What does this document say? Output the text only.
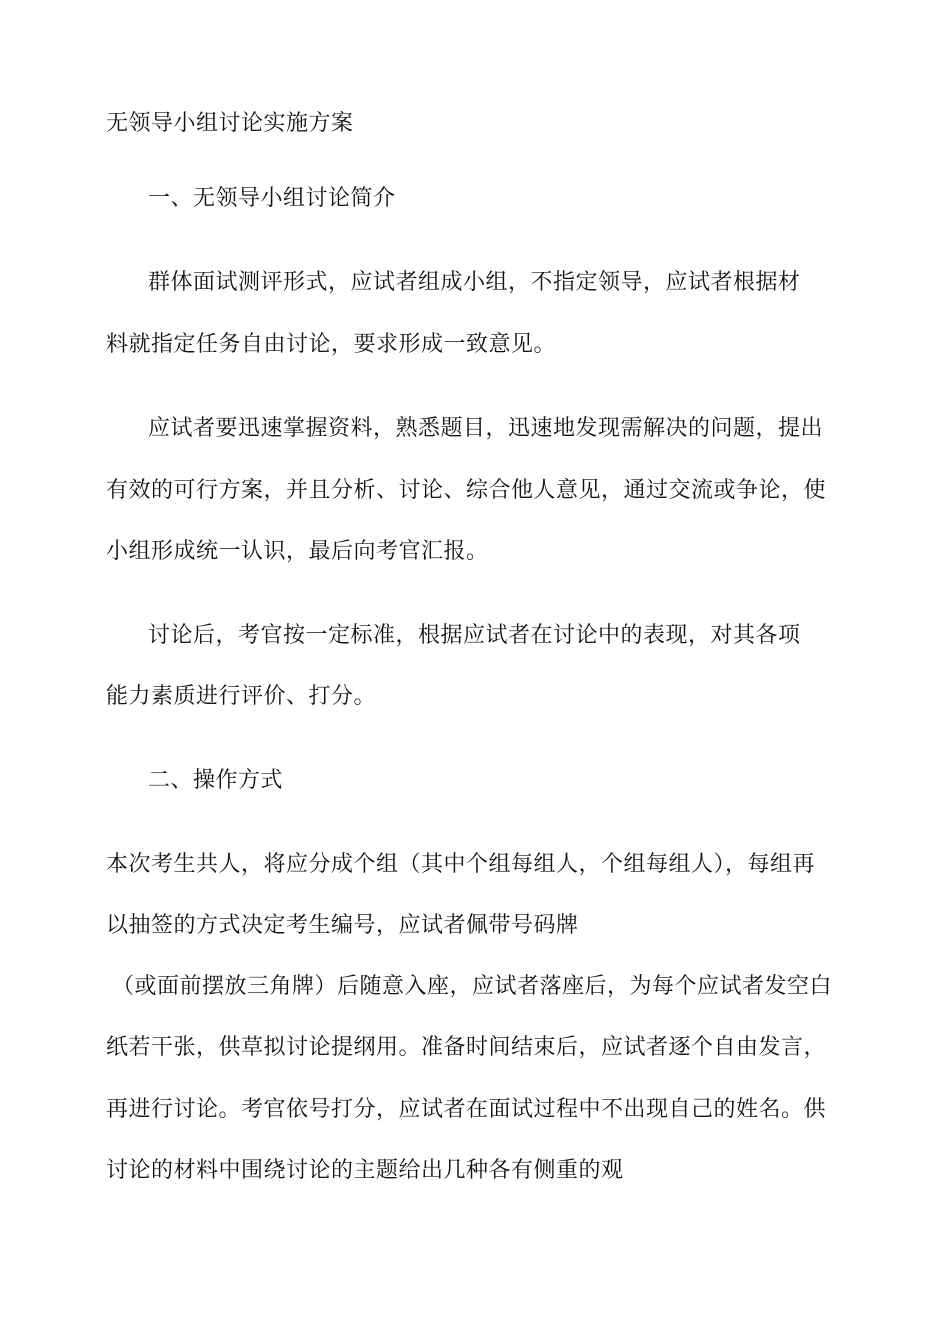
无领导小组讨论实施方案
一、无领导小组讨论简介
群体面试测评形式，应试者组成小组，不指定领导，应试者根据材
料就指定任务自由讨论，要求形成一致意见。
应试者要迅速掌握资料，熟悉题目，迅速地发现需解决的问题，提出
有效的可行方案，并且分析、讨论、综合他人意见，通过交流或争论，使
小组形成统一认识，最后向考官汇报。
讨论后，考官按一定标准，根据应试者在讨论中的表现，对其各项
能力素质进行评价、打分。
二、操作方式
本次考生共人，将应分成个组（其中个组每组人，个组每组人），每组再
以抽签的方式决定考生编号，应试者佩带号码牌
（或面前摆放三角牌）后随意入座，应试者落座后，为每个应试者发空白
纸若干张，供草拟讨论提纲用。准备时间结束后，应试者逐个自由发言，
再进行讨论。考官依号打分，应试者在面试过程中不出现自己的姓名。供
讨论的材料中围绕讨论的主题给出几种各有侧重的观
